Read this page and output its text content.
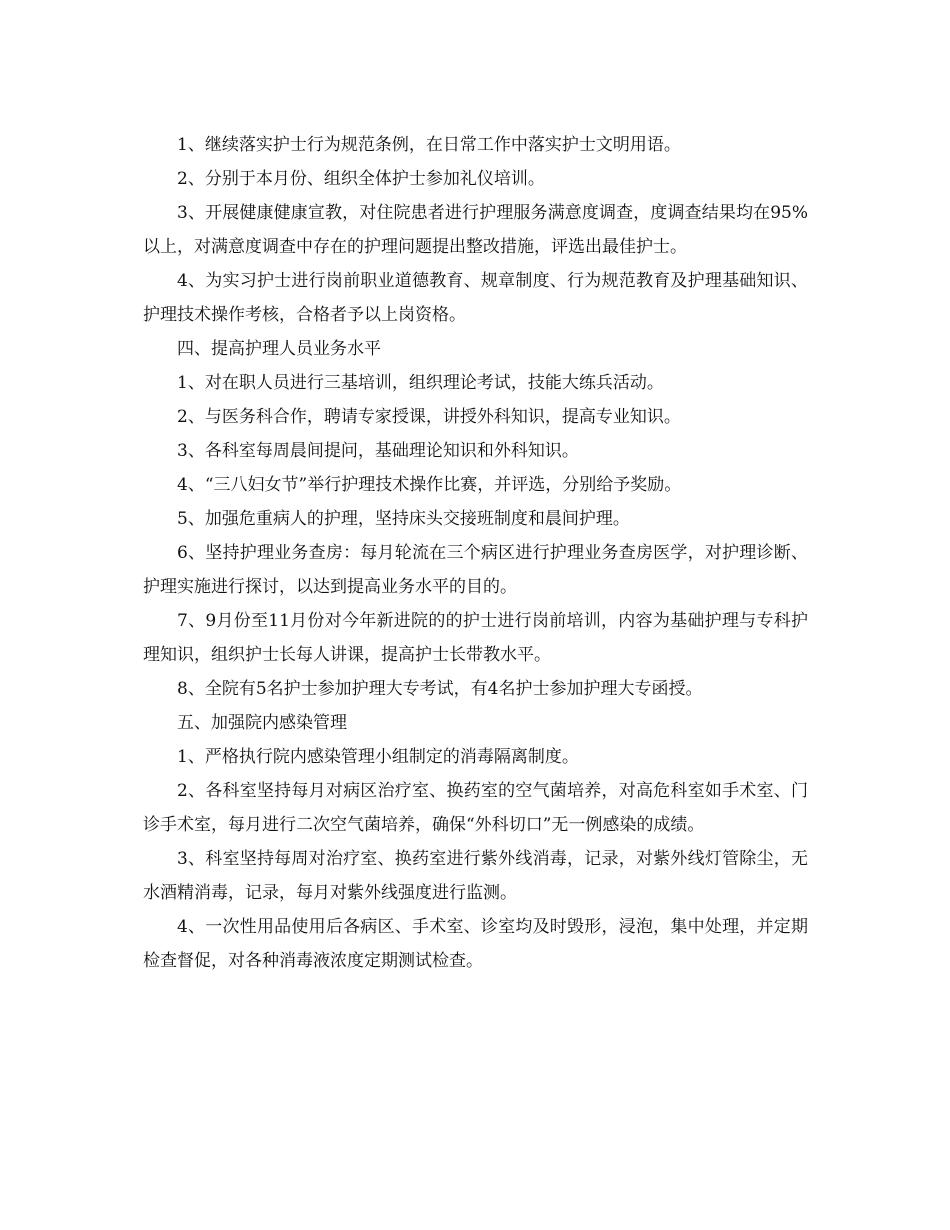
1、继续落实护士行为规范条例，在日常工作中落实护士文明用语。

2、分别于本月份、组织全体护士参加礼仪培训。

3、开展健康健康宣教，对住院患者进行护理服务满意度调查，度调查结果均在95%以上，对满意度调查中存在的护理问题提出整改措施，评选出最佳护士。

4、为实习护士进行岗前职业道德教育、规章制度、行为规范教育及护理基础知识、护理技术操作考核，合格者予以上岗资格。

四、提高护理人员业务水平

1、对在职人员进行三基培训，组织理论考试，技能大练兵活动。

2、与医务科合作，聘请专家授课，讲授外科知识，提高专业知识。

3、各科室每周晨间提问，基础理论知识和外科知识。

4、“三八妇女节”举行护理技术操作比赛，并评选，分别给予奖励。

5、加强危重病人的护理，坚持床头交接班制度和晨间护理。

6、坚持护理业务查房：每月轮流在三个病区进行护理业务查房医学，对护理诊断、护理实施进行探讨，以达到提高业务水平的目的。

7、9月份至11月份对今年新进院的的护士进行岗前培训，内容为基础护理与专科护理知识，组织护士长每人讲课，提高护士长带教水平。

8、全院有5名护士参加护理大专考试，有4名护士参加护理大专函授。

五、加强院内感染管理

1、严格执行院内感染管理小组制定的消毒隔离制度。

2、各科室坚持每月对病区治疗室、换药室的空气菌培养，对高危科室如手术室、门诊手术室，每月进行二次空气菌培养，确保“外科切口”无一例感染的成绩。

3、科室坚持每周对治疗室、换药室进行紫外线消毒，记录，对紫外线灯管除尘，无水酒精消毒，记录，每月对紫外线强度进行监测。

4、一次性用品使用后各病区、手术室、诊室均及时毁形，浸泡，集中处理，并定期检查督促，对各种消毒液浓度定期测试检查。
